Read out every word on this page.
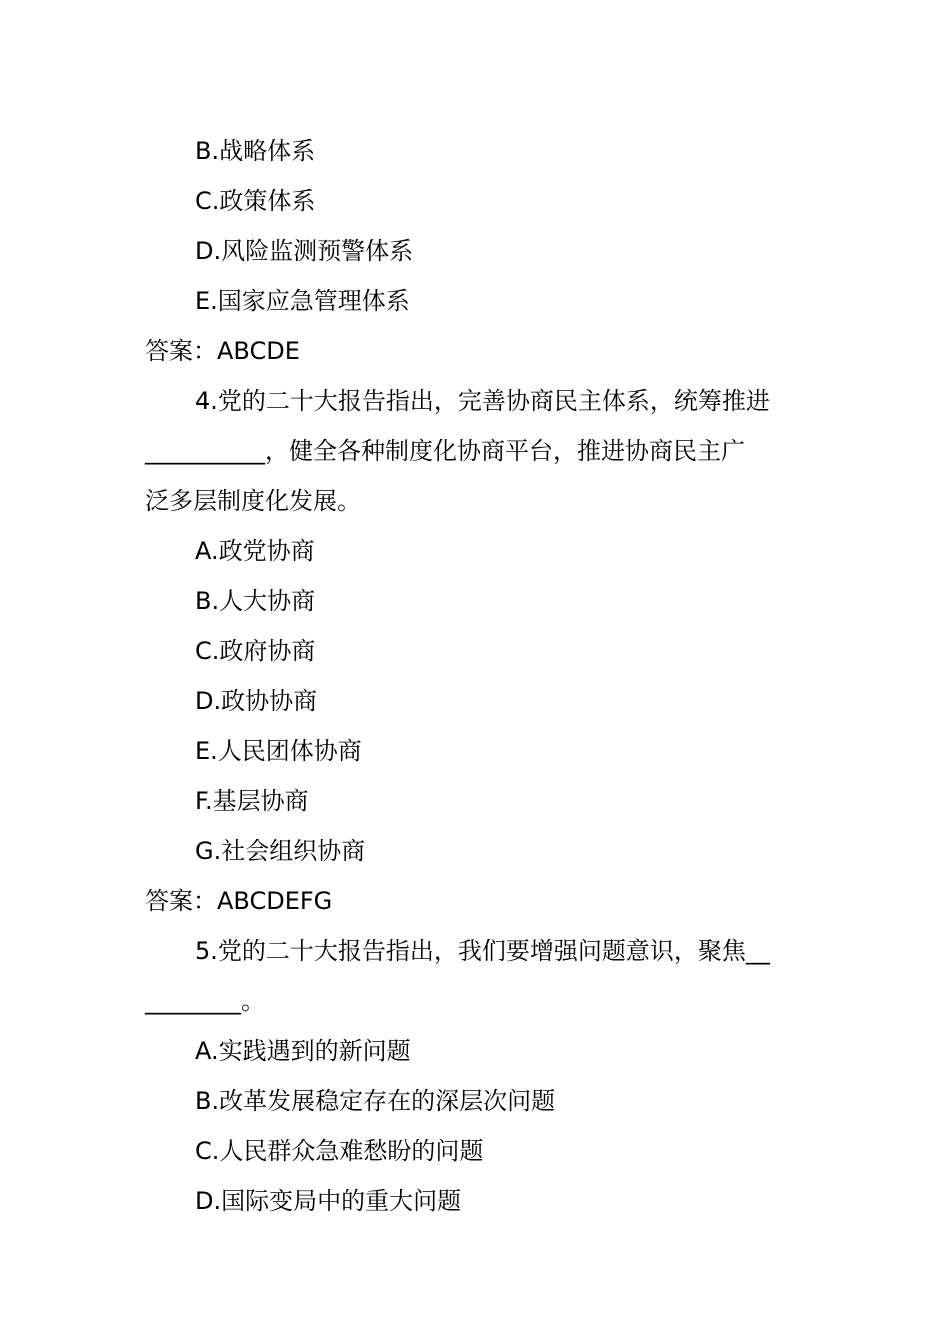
B.战略体系
C.政策体系
D.风险监测预警体系
E.国家应急管理体系
答案：ABCDE
4.党的二十大报告指出，完善协商民主体系，统筹推进
__________，健全各种制度化协商平台，推进协商民主广
泛多层制度化发展。
A.政党协商
B.人大协商
C.政府协商
D.政协协商
E.人民团体协商
F.基层协商
G.社会组织协商
答案：ABCDEFG
5.党的二十大报告指出，我们要增强问题意识，聚焦__
________。
A.实践遇到的新问题
B.改革发展稳定存在的深层次问题
C.人民群众急难愁盼的问题
D.国际变局中的重大问题
